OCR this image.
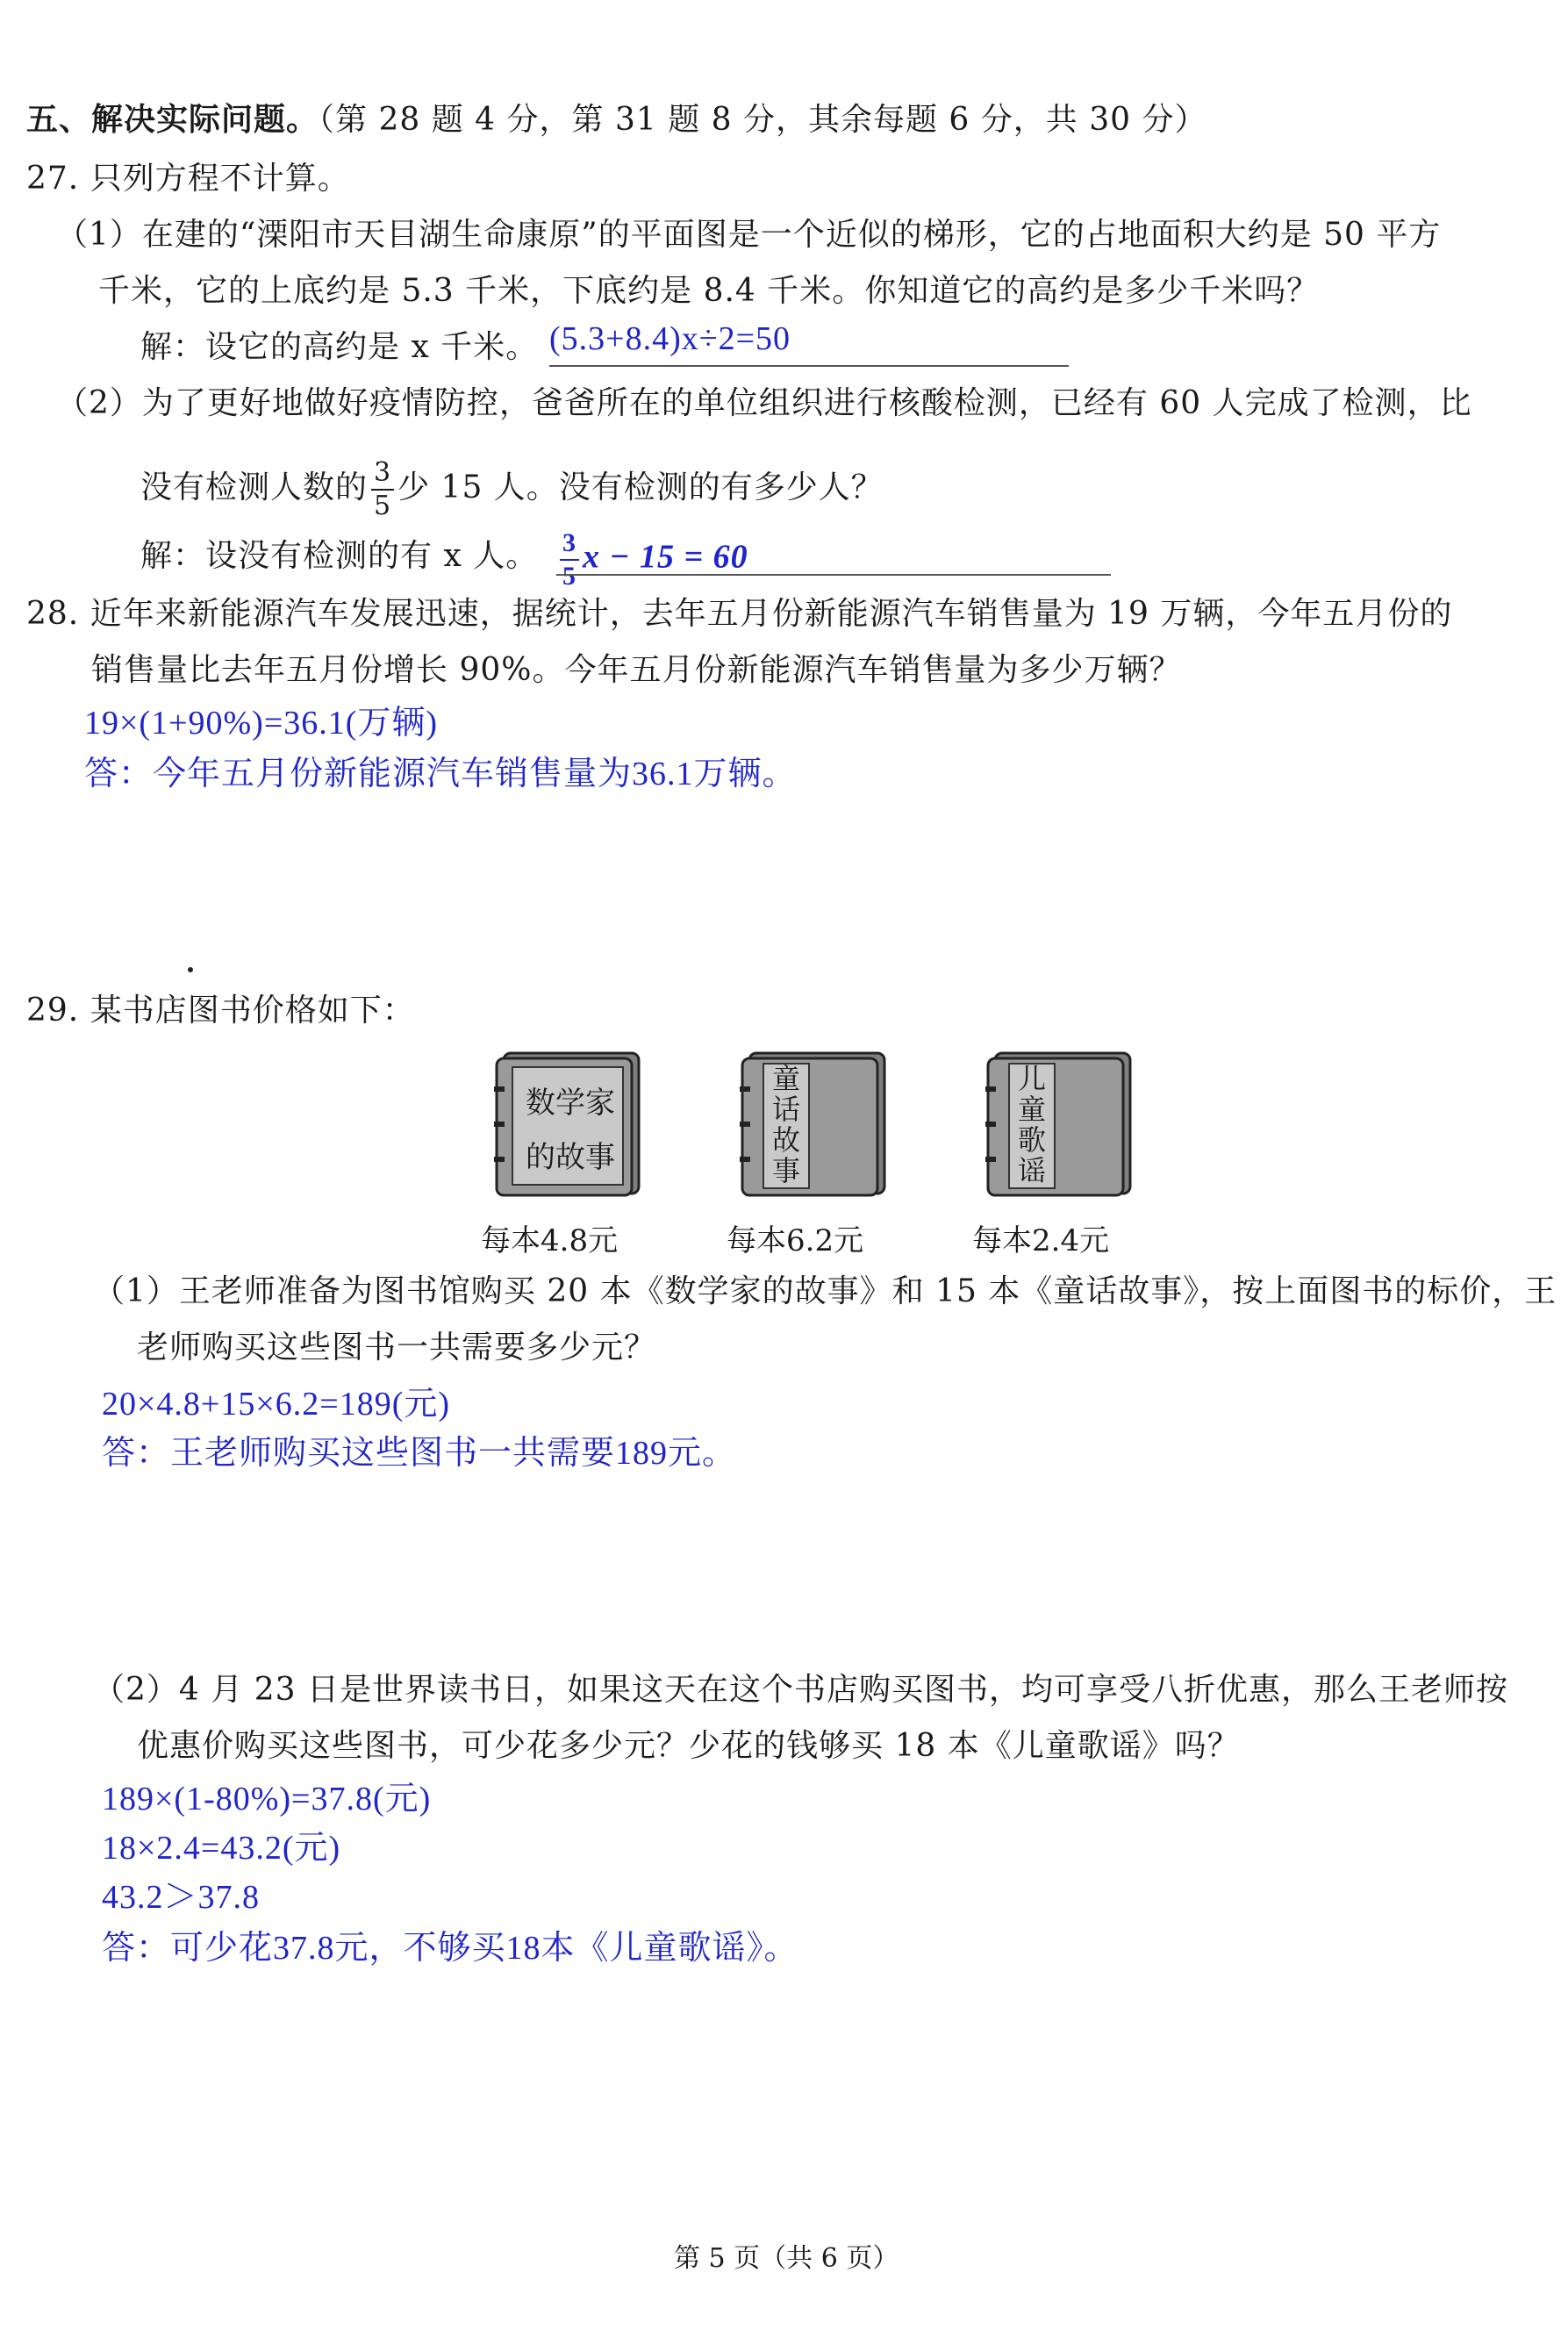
五、解决实际问题。（第 28 题 4 分，第 31 题 8 分，其余每题 6 分，共 30 分）
27. 只列方程不计算。
（1）在建的“溧阳市天目湖生命康原”的平面图是一个近似的梯形，它的占地面积大约是 50 平方
千米，它的上底约是 5.3 千米，下底约是 8.4 千米。你知道它的高约是多少千米吗？
解：设它的高约是 x 千米。 (5.3+8.4)x÷2=50
（2）为了更好地做好疫情防控，爸爸所在的单位组织进行核酸检测，已经有 60 人完成了检测，比
没有检测人数的 $\frac{3}{5}$ 少 15 人。没有检测的有多少人？
解：设没有检测的有 x 人。 $\frac{3}{5}$ x − 15 = 60
28. 近年来新能源汽车发展迅速，据统计，去年五月份新能源汽车销售量为 19 万辆，今年五月份的
销售量比去年五月份增长 90%。今年五月份新能源汽车销售量为多少万辆？
19×(1+90%)=36.1(万辆)
答：今年五月份新能源汽车销售量为36.1万辆。
29. 某书店图书价格如下：
数学家
的故事
每本4.8元
童
话
故
事
每本6.2元
儿
童
歌
谣
每本2.4元
（1）王老师准备为图书馆购买 20 本《数学家的故事》和 15 本《童话故事》，按上面图书的标价，王
老师购买这些图书一共需要多少元？
20×4.8+15×6.2=189(元)
答：王老师购买这些图书一共需要189元。
（2）4 月 23 日是世界读书日，如果这天在这个书店购买图书，均可享受八折优惠，那么王老师按
优惠价购买这些图书，可少花多少元？少花的钱够买 18 本《儿童歌谣》吗？
189×(1-80%)=37.8(元)
18×2.4=43.2(元)
43.2＞37.8
答：可少花37.8元，不够买18本《儿童歌谣》。
第 5 页（共 6 页）
